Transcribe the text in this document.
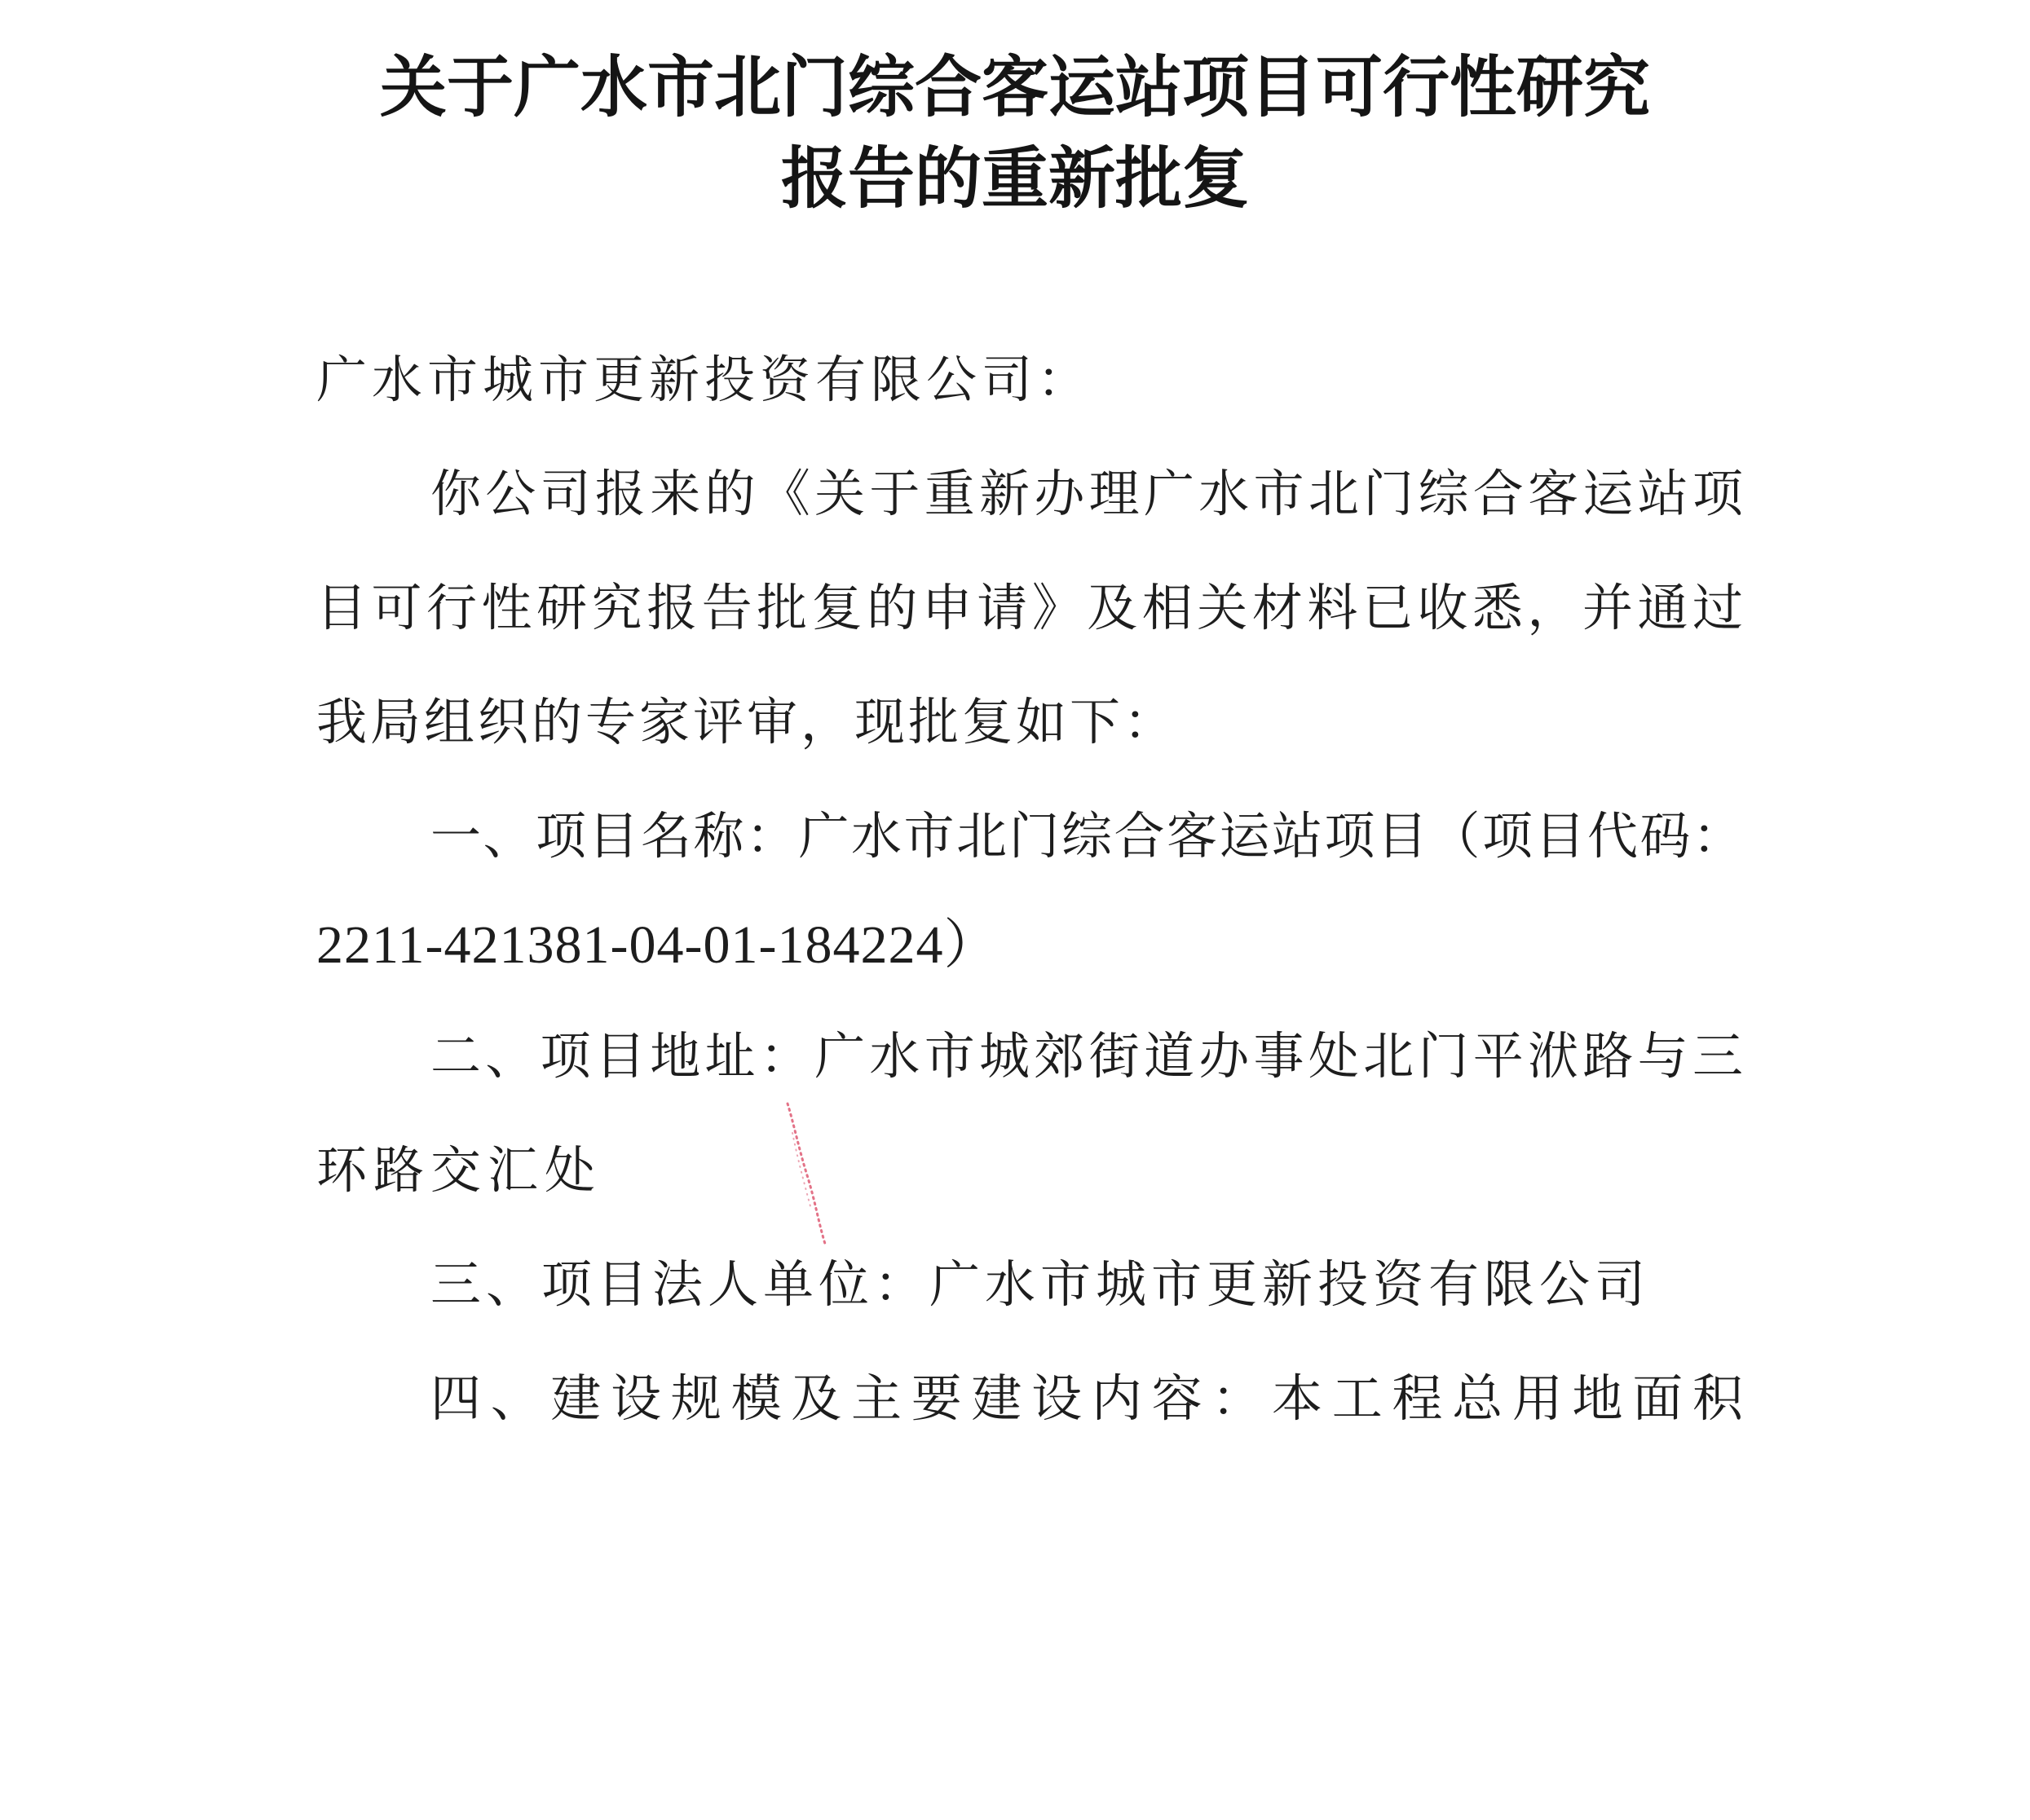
关于广水市北门综合客运站项目可行性研究
报告的重新批复
广水市城市更新投资有限公司：
你公司报来的《关于重新办理广水市北门综合客运站项
目可行性研究报告批复的申请》及相关材料已收悉，并通过
我局组织的专家评审，现批复如下：
一、项目名称：广水市北门综合客运站项目（项目代码：
2211-421381-04-01-184224）
二、项目地址：广水市城郊街道办事处北门平洑路与三
环路交汇处
三、项目法人单位：广水市城市更新投资有限公司
四、建设规模及主要建设内容：本工程总用地面积
